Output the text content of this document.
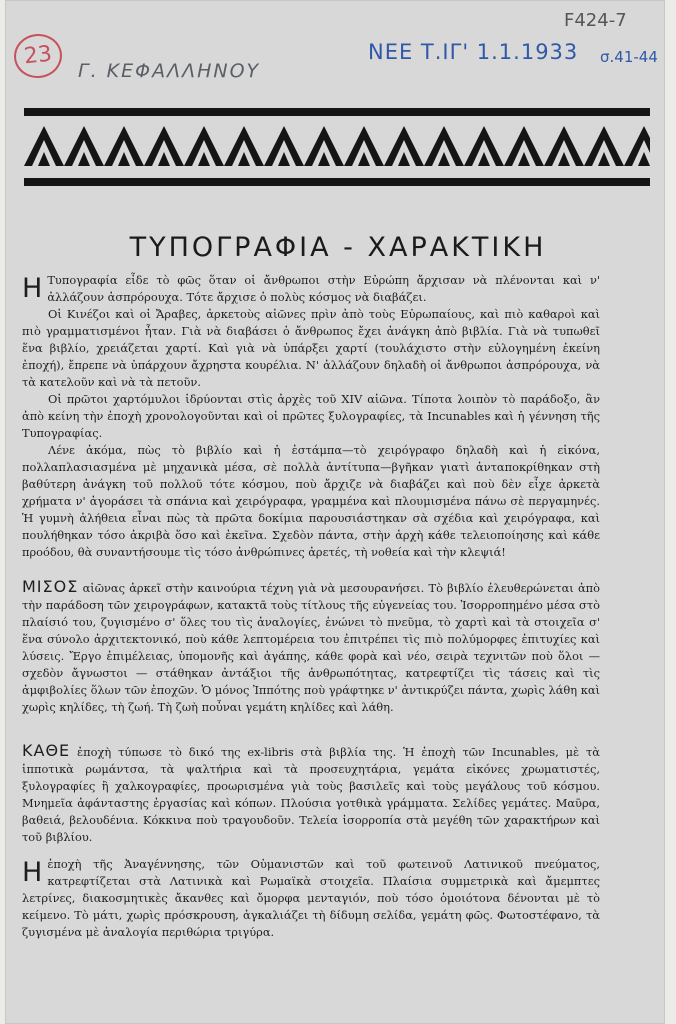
23
Γ. ΚΕΦΑΛΛΗΝΟΥ
ΝΕΕ Τ.ΙΓ' 1.1.1933 σ.41-44
F424-7
ΤΥΠΟΓΡΑΦΙΑ - ΧΑΡΑΚΤΙΚΗ

Η Τυπογραφία εἶδε τὸ φῶς ὅταν οἱ ἄνθρωποι στὴν Εὐρώπη ἄρχισαν νὰ πλένονται καὶ ν' ἀλλάζουν ἀσπρόρουχα. Τότε ἄρχισε ὁ πολὺς κόσμος νὰ διαβάζει.

Οἱ Κινέζοι καὶ οἱ Ἄραβες, ἀρκετοὺς αἰῶνες πρὶν ἀπὸ τοὺς Εὐρωπαίους, καὶ πιὸ καθαροὶ καὶ πιὸ γραμματισμένοι ἦταν. Γιὰ νὰ διαβάσει ὁ ἄνθρωπος ἔχει ἀνάγκη ἀπὸ βιβλία. Γιὰ νὰ τυπωθεῖ ἕνα βιβλίο, χρειάζεται χαρτί. Καὶ γιὰ νὰ ὑπάρξει χαρτί (τουλάχιστο στὴν εὐλογημένη ἐκείνη ἐποχή), ἔπρεπε νὰ ὑπάρχουν ἄχρηστα κουρέλια. Ν' ἀλλάζουν δηλαδὴ οἱ ἄνθρωποι ἀσπρόρουχα, νὰ τὰ κατελοῦν καὶ νὰ τὰ πετοῦν.

Οἱ πρῶτοι χαρτόμυλοι ἱδρύονται στὶς ἀρχὲς τοῦ XIV αἰῶνα. Τίποτα λοιπὸν τὸ παράδοξο, ἂν ἀπὸ κείνη τὴν ἐποχὴ χρονολογοῦνται καὶ οἱ πρῶτες ξυλογραφίες, τὰ Incunables καὶ ἡ γέννηση τῆς Τυπογραφίας.

Λένε ἀκόμα, πὼς τὸ βιβλίο καὶ ἡ ἐστάμπα—τὸ χειρόγραφο δηλαδὴ καὶ ἡ εἰκόνα, πολλαπλασιασμένα μὲ μηχανικὰ μέσα, σὲ πολλὰ ἀντίτυπα—βγῆκαν γιατὶ ἀνταποκρίθηκαν στὴ βαθύτερη ἀνάγκη τοῦ πολλοῦ τότε κόσμου, ποὺ ἄρχιζε νὰ διαβάζει καὶ ποὺ δὲν εἶχε ἀρκετὰ χρήματα ν' ἀγοράσει τὰ σπάνια καὶ χειρόγραφα, γραμμένα καὶ πλουμισμένα πάνω σὲ περγαμηνές. Ἡ γυμνὴ ἀλήθεια εἶναι πὼς τὰ πρῶτα δοκίμια παρουσιάστηκαν σὰ σχέδια καὶ χειρόγραφα, καὶ πουλήθηκαν τόσο ἀκριβὰ ὅσο καὶ ἐκεῖνα. Σχεδὸν πάντα, στὴν ἀρχὴ κάθε τελειοποίησης καὶ κάθε προόδου, θὰ συναντήσουμε τὶς τόσο ἀνθρώπινες ἀρετές, τὴ νοθεία καὶ τὴν κλεψιά!

ΜΙΣΟΣ αἰῶνας ἀρκεῖ στὴν καινούρια τέχνη γιὰ νὰ μεσουρανήσει. Τὸ βιβλίο ἐλευθερώνεται ἀπὸ τὴν παράδοση τῶν χειρογράφων, κατακτᾶ τοὺς τίτλους τῆς εὐγενείας του. Ἰσορροπημένο μέσα στὸ πλαίσιό του, ζυγισμένο σ' ὅλες του τὶς ἀναλογίες, ἑνώνει τὸ πνεῦμα, τὸ χαρτὶ καὶ τὰ στοιχεῖα σ' ἕνα σύνολο ἀρχιτεκτονικό, ποὺ κάθε λεπτομέρεια του ἐπιτρέπει τὶς πιὸ πολύμορφες ἐπιτυχίες καὶ λύσεις. Ἔργο ἐπιμέλειας, ὑπομονῆς καὶ ἀγάπης, κάθε φορὰ καὶ νέο, σειρὰ τεχνιτῶν ποὺ ὅλοι — σχεδὸν ἄγνωστοι — στάθηκαν ἀντάξιοι τῆς ἀνθρωπότητας, κατρεφτίζει τὶς τάσεις καὶ τὶς ἀμφιβολίες ὅλων τῶν ἐποχῶν. Ὁ μόνος Ἰππότης ποὺ γράφτηκε ν' ἀντικρύζει πάντα, χωρὶς λάθη καὶ χωρὶς κηλίδες, τὴ ζωή. Τὴ ζωὴ ποὖναι γεμάτη κηλίδες καὶ λάθη.

ΚΑΘΕ ἐποχὴ τύπωσε τὸ δικό της ex-libris στὰ βιβλία της. Ἡ ἐποχὴ τῶν Incunables, μὲ τὰ ἱπποτικὰ ρωμάντσα, τὰ ψαλτήρια καὶ τὰ προσευχητάρια, γεμάτα εἰκόνες χρωματιστές, ξυλογραφίες ἢ χαλκογραφίες, προωρισμένα γιὰ τοὺς βασιλεῖς καὶ τοὺς μεγάλους τοῦ κόσμου. Μνημεῖα ἀφάνταστης ἐργασίας καὶ κόπων. Πλούσια γοτθικὰ γράμματα. Σελίδες γεμάτες. Μαῦρα, βαθειά, βελουδένια. Κόκκινα ποὺ τραγουδοῦν. Τελεία ἰσορροπία στὰ μεγέθη τῶν χαρακτήρων καὶ τοῦ βιβλίου.

Ηἐποχὴ τῆς Ἀναγέννησης, τῶν Οὑμανιστῶν καὶ τοῦ φωτεινοῦ Λατινικοῦ πνεύματος, κατρεφτίζεται στὰ Λατινικὰ καὶ Ρωμαϊκὰ στοιχεῖα. Πλαίσια συμμετρικὰ καὶ ἄμεμπτες λετρίνες, διακοσμητικὲς ἄκανθες καὶ ὄμορφα μενταγιόν, ποὺ τόσο ὁμοιότονα δένονται μὲ τὸ κείμενο. Τὸ μάτι, χωρὶς πρόσκρουση, ἀγκαλιάζει τὴ δίδυμη σελίδα, γεμάτη φῶς. Φωτοστέφανο, τὰ ζυγισμένα μὲ ἀναλογία περιθώρια τριγύρα.
